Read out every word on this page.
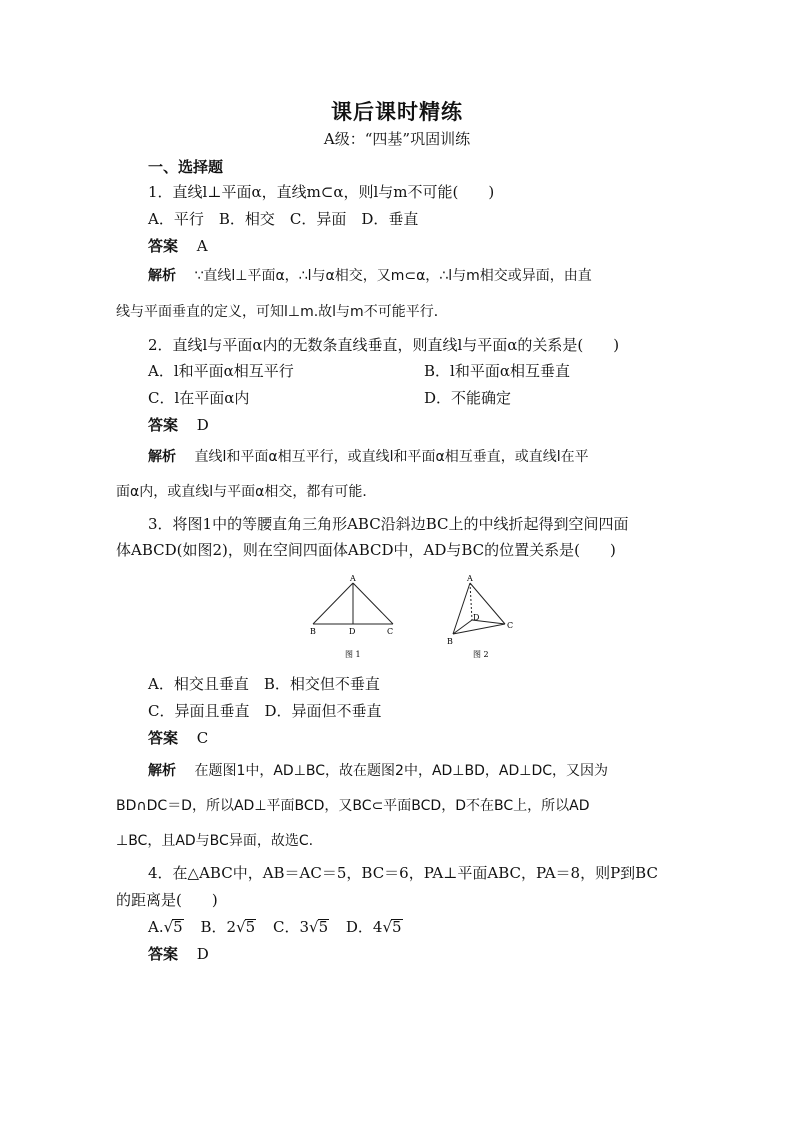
课后课时精练
A级：“四基”巩固训练
一、选择题
1．直线l⊥平面α，直线m⊂α，则l与m不可能(　　)
A．平行　B．相交　C．异面　D．垂直
答案 A
解析 ∵直线l⊥平面α，∴l与α相交，又m⊂α，∴l与m相交或异面，由直
线与平面垂直的定义，可知l⊥m.故l与m不可能平行．
2．直线l与平面α内的无数条直线垂直，则直线l与平面α的关系是(　　)
A．l和平面α相互平行	B．l和平面α相互垂直
C．l在平面α内	D．不能确定
答案 D
解析 直线l和平面α相互平行，或直线l和平面α相互垂直，或直线l在平
面α内，或直线l与平面α相交，都有可能．
3．将图1中的等腰直角三角形ABC沿斜边BC上的中线折起得到空间四面
体ABCD(如图2)，则在空间四面体ABCD中，AD与BC的位置关系是(　　)
A
B	D	C
图 1
A
B
D
C
图 2
A．相交且垂直　B．相交但不垂直
C．异面且垂直　D．异面但不垂直
答案 C
解析 在题图1中，AD⊥BC，故在题图2中，AD⊥BD，AD⊥DC，又因为
BD∩DC＝D，所以AD⊥平面BCD，又BC⊂平面BCD，D不在BC上，所以AD
⊥BC，且AD与BC异面，故选C.
4．在△ABC中，AB＝AC＝5，BC＝6，PA⊥平面ABC，PA＝8，则P到BC
的距离是(　　)
A.√5 B．2√5 C．3√5 D．4√5
答案 D
